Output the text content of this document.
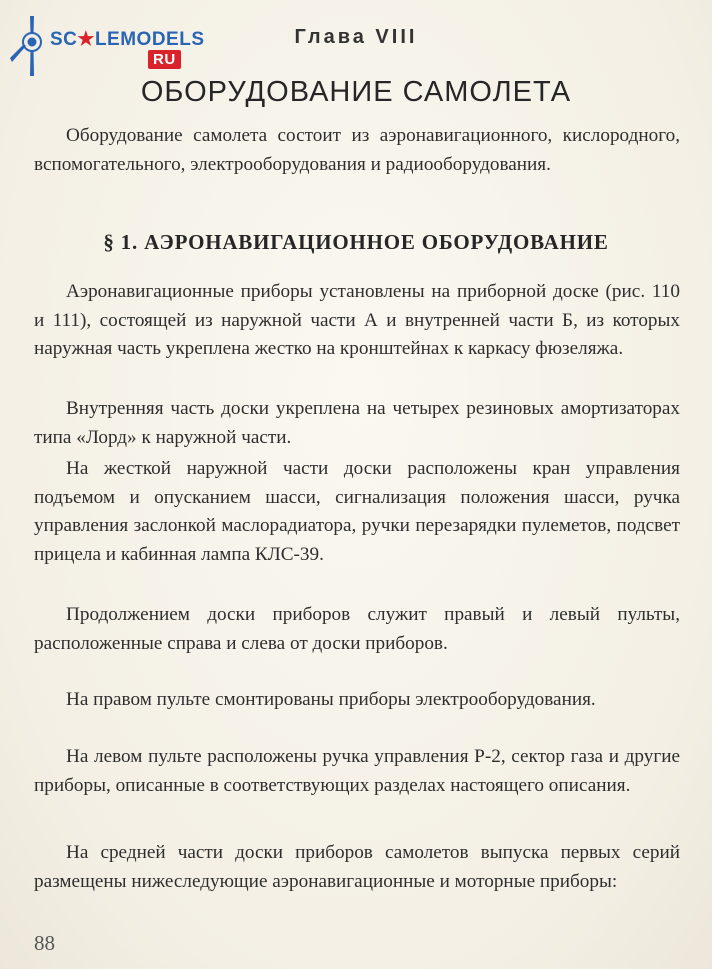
SC★LEMODELS
RU
Глава VIII
ОБОРУДОВАНИЕ САМОЛЕТА

Оборудование самолета состоит из аэронавигационного, кислородного, вспомогательного, электрооборудования и радиооборудования.

§ 1. АЭРОНАВИГАЦИОННОЕ ОБОРУДОВАНИЕ

Аэронавигационные приборы установлены на приборной доске (рис. 110 и 111), состоящей из наружной части А и внутренней части Б, из которых наружная часть укреплена жестко на кронштейнах к каркасу фюзеляжа.

Внутренняя часть доски укреплена на четырех резиновых амортизаторах типа «Лорд» к наружной части.

На жесткой наружной части доски расположены кран управления подъемом и опусканием шасси, сигнализация положения шасси, ручка управления заслонкой маслорадиатора, ручки перезарядки пулеметов, подсвет прицела и кабинная лампа КЛС-39.

Продолжением доски приборов служит правый и левый пульты, расположенные справа и слева от доски приборов.

На правом пульте смонтированы приборы электрооборудования.

На левом пульте расположены ручка управления Р-2, сектор газа и другие приборы, описанные в соответствующих разделах настоящего описания.

На средней части доски приборов самолетов выпуска первых серий размещены нижеследующие аэронавигационные и моторные приборы:

88
